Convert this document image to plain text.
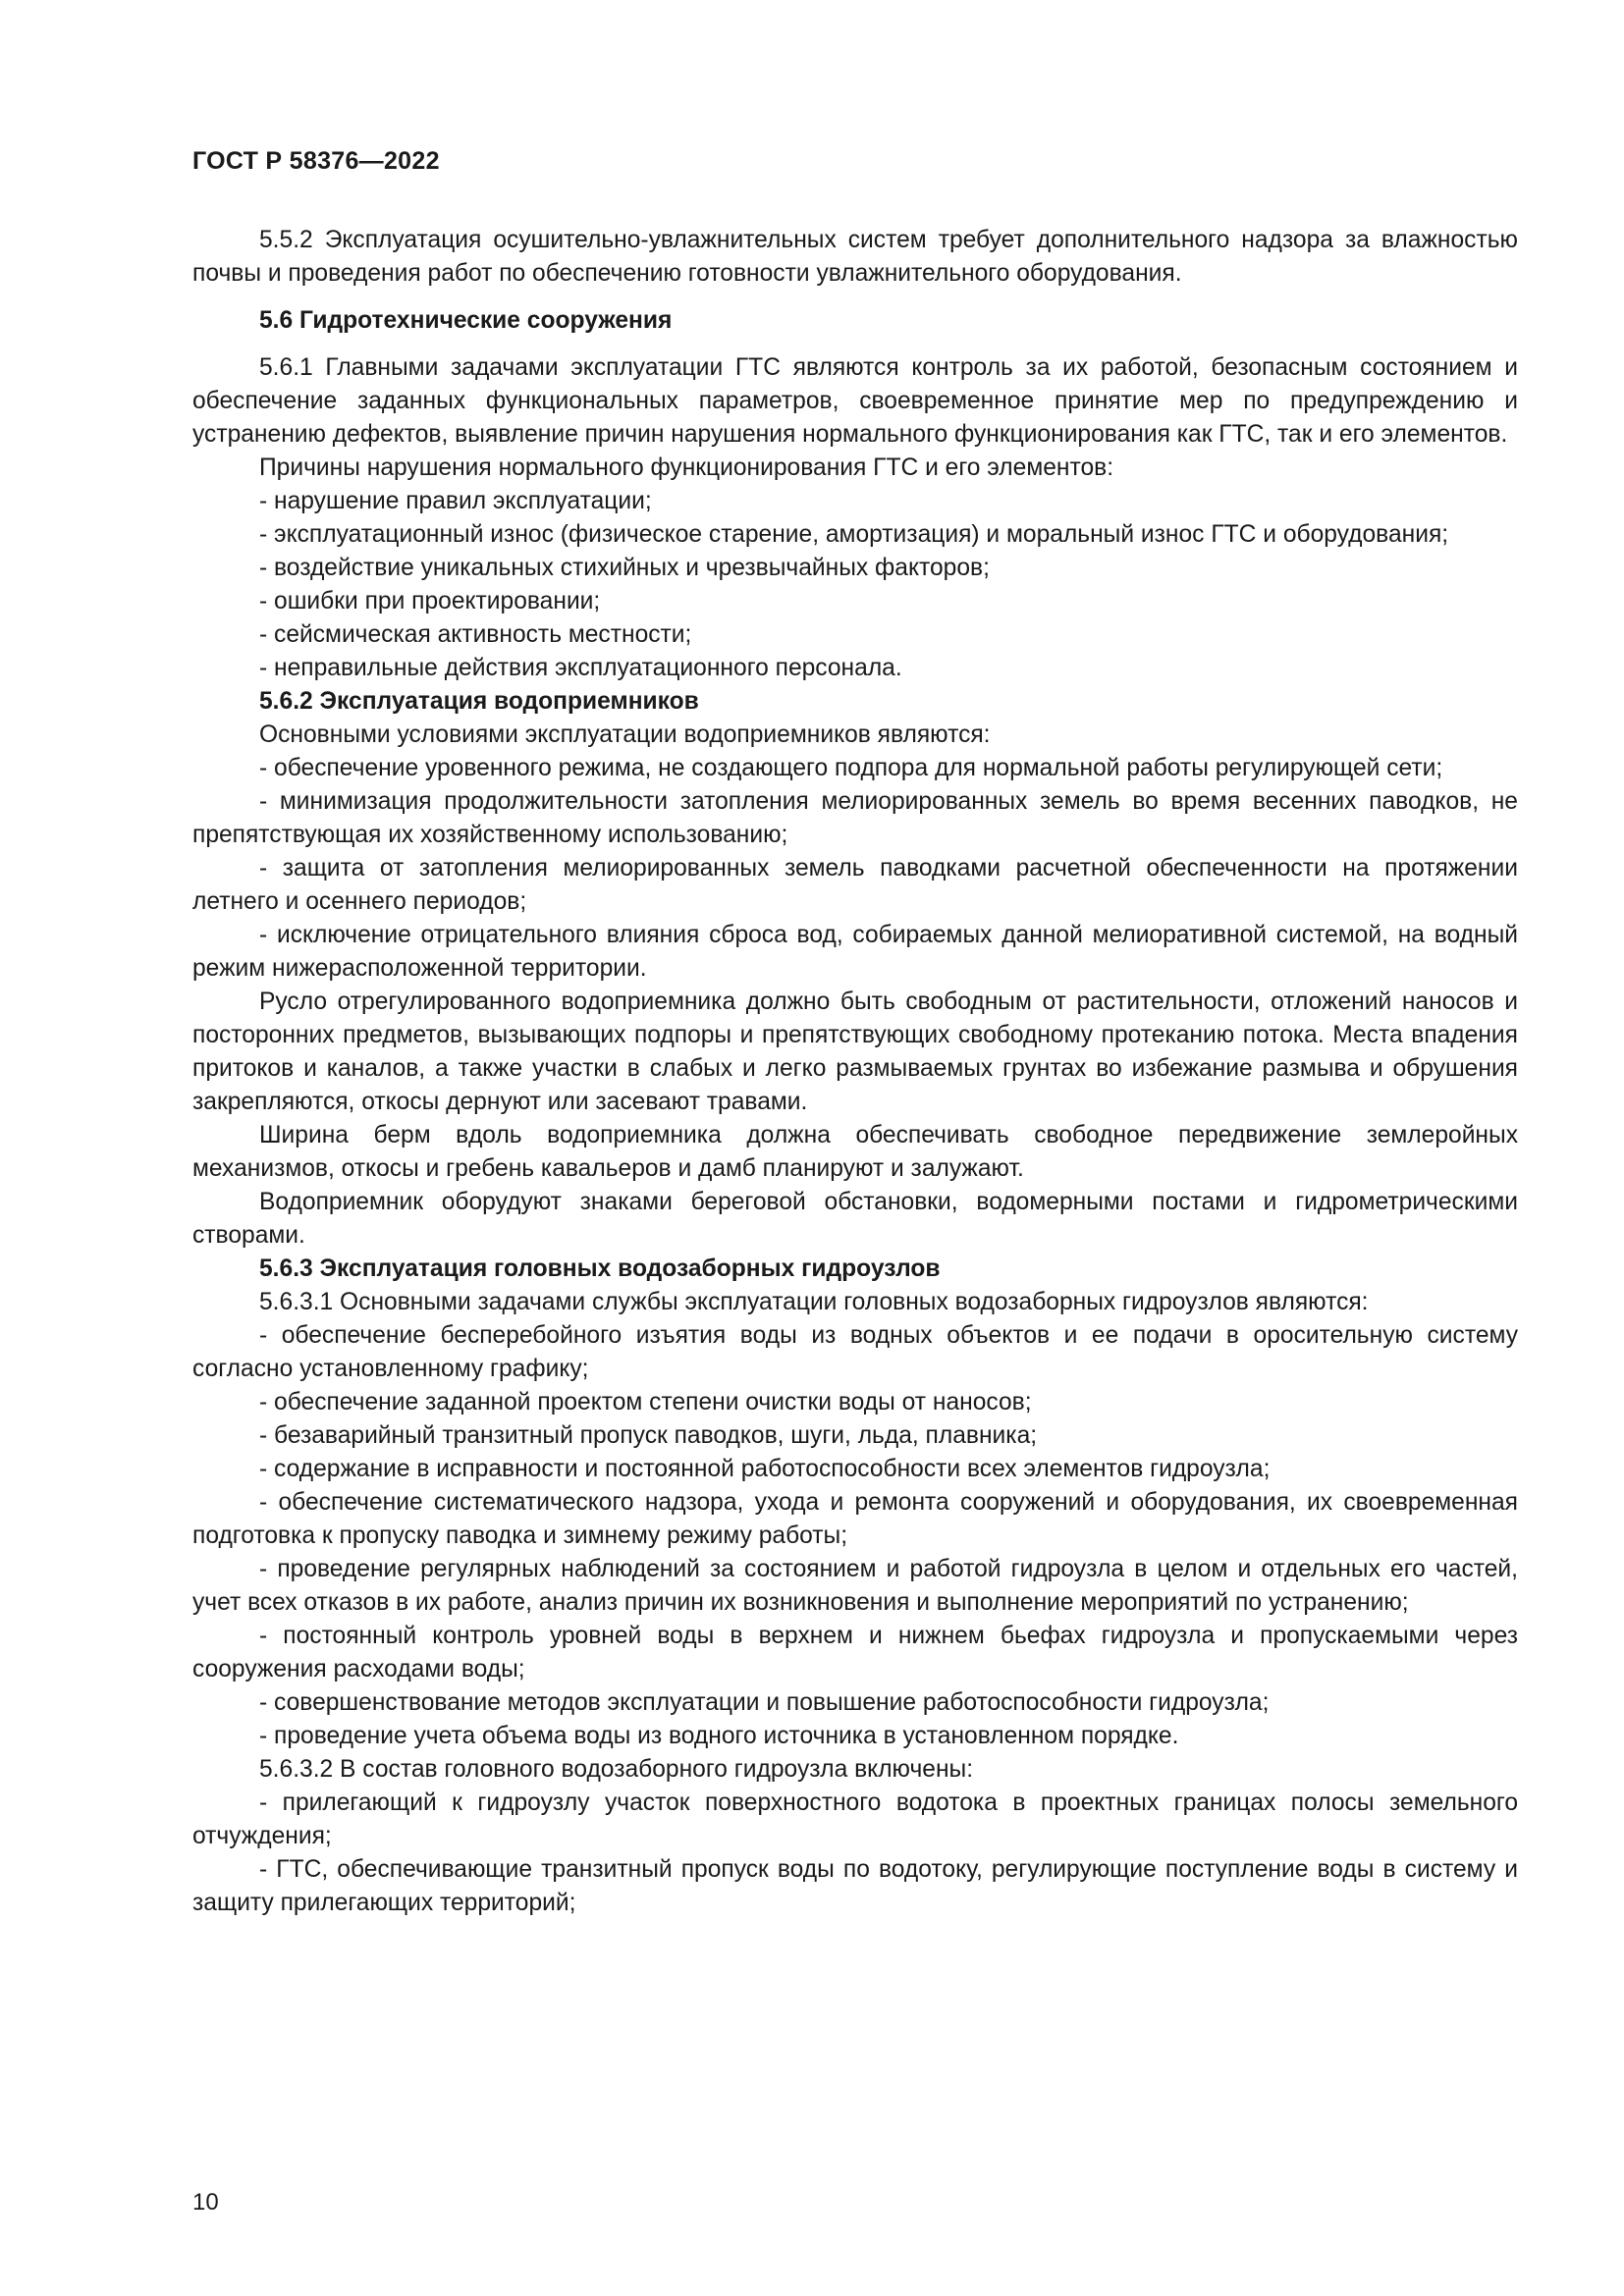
ГОСТ Р 58376—2022

5.5.2 Эксплуатация осушительно-увлажнительных систем требует дополнительного надзора за влажностью почвы и проведения работ по обеспечению готовности увлажнительного оборудования.

5.6 Гидротехнические сооружения

5.6.1 Главными задачами эксплуатации ГТС являются контроль за их работой, безопасным состоянием и обеспечение заданных функциональных параметров, своевременное принятие мер по предупреждению и устранению дефектов, выявление причин нарушения нормального функционирования как ГТС, так и его элементов.

Причины нарушения нормального функционирования ГТС и его элементов:

- нарушение правил эксплуатации;

- эксплуатационный износ (физическое старение, амортизация) и моральный износ ГТС и оборудования;

- воздействие уникальных стихийных и чрезвычайных факторов;

- ошибки при проектировании;

- сейсмическая активность местности;

- неправильные действия эксплуатационного персонала.

5.6.2 Эксплуатация водоприемников

Основными условиями эксплуатации водоприемников являются:

- обеспечение уровенного режима, не создающего подпора для нормальной работы регулирующей сети;

- минимизация продолжительности затопления мелиорированных земель во время весенних паводков, не препятствующая их хозяйственному использованию;

- защита от затопления мелиорированных земель паводками расчетной обеспеченности на протяжении летнего и осеннего периодов;

- исключение отрицательного влияния сброса вод, собираемых данной мелиоративной системой, на водный режим нижерасположенной территории.

Русло отрегулированного водоприемника должно быть свободным от растительности, отложений наносов и посторонних предметов, вызывающих подпоры и препятствующих свободному протеканию потока. Места впадения притоков и каналов, а также участки в слабых и легко размываемых грунтах во избежание размыва и обрушения закрепляются, откосы дернуют или засевают травами.

Ширина берм вдоль водоприемника должна обеспечивать свободное передвижение землеройных механизмов, откосы и гребень кавальеров и дамб планируют и залужают.

Водоприемник оборудуют знаками береговой обстановки, водомерными постами и гидрометрическими створами.

5.6.3 Эксплуатация головных водозаборных гидроузлов

5.6.3.1 Основными задачами службы эксплуатации головных водозаборных гидроузлов являются:

- обеспечение бесперебойного изъятия воды из водных объектов и ее подачи в оросительную систему согласно установленному графику;

- обеспечение заданной проектом степени очистки воды от наносов;

- безаварийный транзитный пропуск паводков, шуги, льда, плавника;

- содержание в исправности и постоянной работоспособности всех элементов гидроузла;

- обеспечение систематического надзора, ухода и ремонта сооружений и оборудования, их своевременная подготовка к пропуску паводка и зимнему режиму работы;

- проведение регулярных наблюдений за состоянием и работой гидроузла в целом и отдельных его частей, учет всех отказов в их работе, анализ причин их возникновения и выполнение мероприятий по устранению;

- постоянный контроль уровней воды в верхнем и нижнем бьефах гидроузла и пропускаемыми через сооружения расходами воды;

- совершенствование методов эксплуатации и повышение работоспособности гидроузла;

- проведение учета объема воды из водного источника в установленном порядке.

5.6.3.2 В состав головного водозаборного гидроузла включены:

- прилегающий к гидроузлу участок поверхностного водотока в проектных границах полосы земельного отчуждения;

- ГТС, обеспечивающие транзитный пропуск воды по водотоку, регулирующие поступление воды в систему и защиту прилегающих территорий;

10
